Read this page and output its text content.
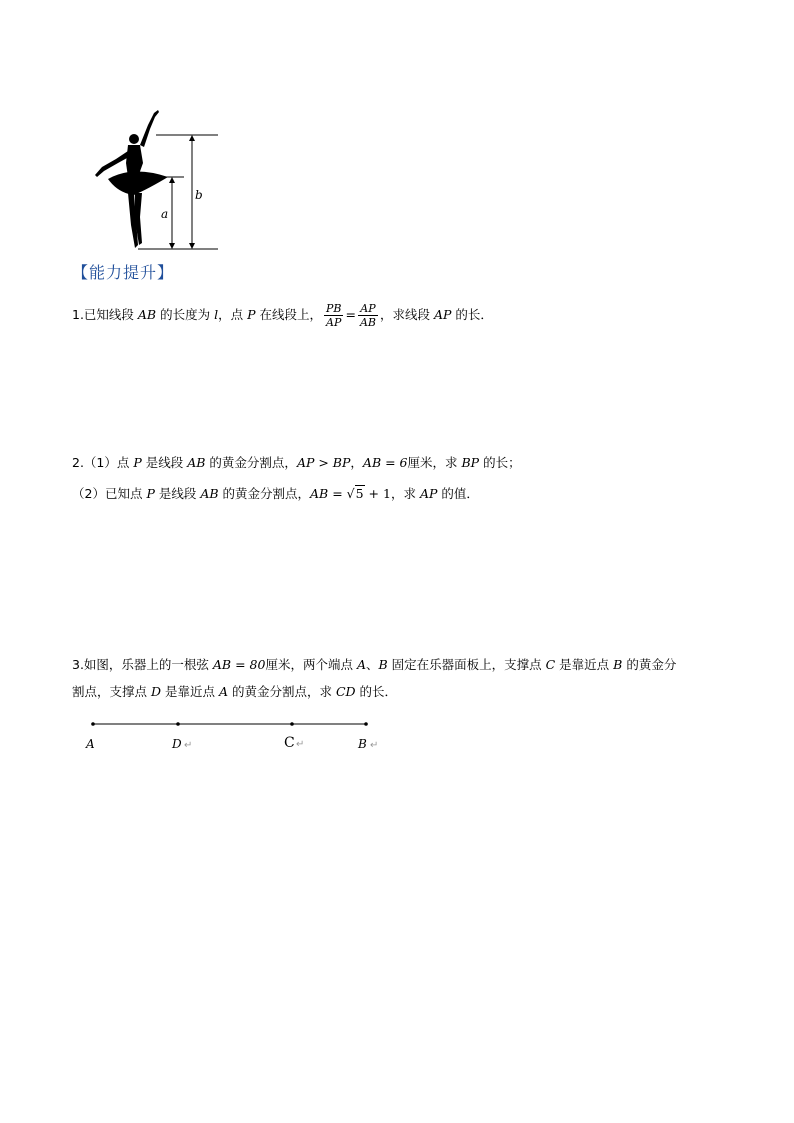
a
b
【能力提升】
1.已知线段 AB 的长度为 l，点 P 在线段上， $\frac{PB}{AP} = \frac{AP}{AB}$ ，求线段 AP 的长．
2.（1）点 P 是线段 AB 的黄金分割点，AP > BP，AB = 6厘米，求 BP 的长；
（2）已知点 P 是线段 AB 的黄金分割点，AB = √5 + 1，求 AP 的值．
3.如图，乐器上的一根弦 AB = 80厘米，两个端点 A、B 固定在乐器面板上，支撑点 C 是靠近点 B 的黄金分
割点，支撑点 D 是靠近点 A 的黄金分割点，求 CD 的长．
A	D ↵	C ↵	B ↵
